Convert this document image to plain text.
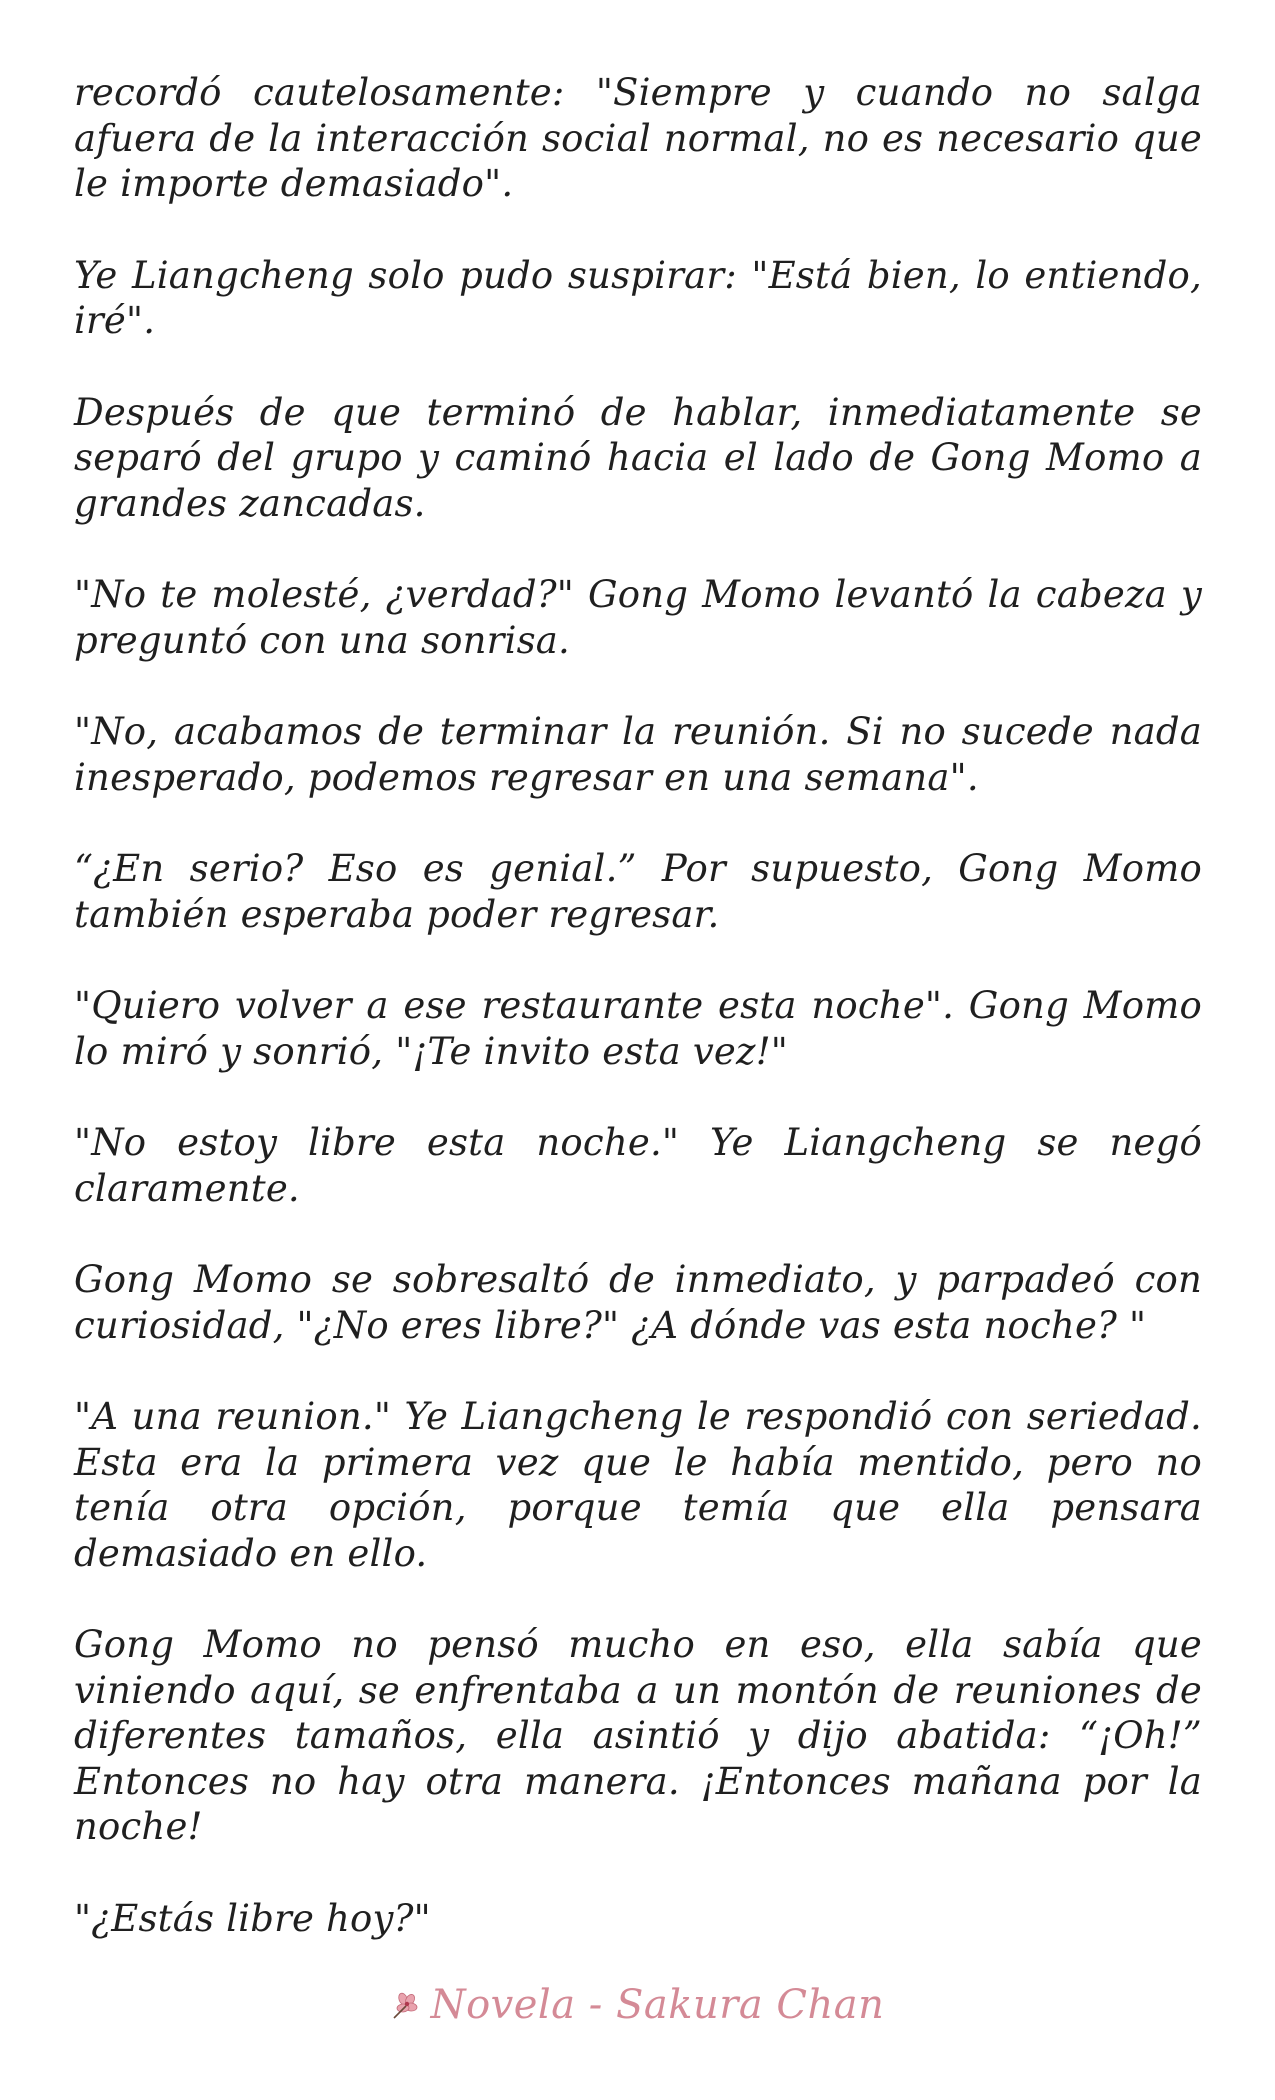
recordó cautelosamente: "Siempre y cuando no salga afuera de la interacción social normal, no es necesario que le importe demasiado".

Ye Liangcheng solo pudo suspirar: "Está bien, lo entiendo, iré".

Después de que terminó de hablar, inmediatamente se separó del grupo y caminó hacia el lado de Gong Momo a grandes zancadas.

"No te molesté, ¿verdad?" Gong Momo levantó la cabeza y preguntó con una sonrisa.

"No, acabamos de terminar la reunión. Si no sucede nada inesperado, podemos regresar en una semana".

“¿En serio? Eso es genial.” Por supuesto, Gong Momo también esperaba poder regresar.

"Quiero volver a ese restaurante esta noche". Gong Momo lo miró y sonrió, "¡Te invito esta vez!"

"No estoy libre esta noche." Ye Liangcheng se negó claramente.

Gong Momo se sobresaltó de inmediato, y parpadeó con curiosidad, "¿No eres libre?" ¿A dónde vas esta noche? "

"A una reunion." Ye Liangcheng le respondió con seriedad. Esta era la primera vez que le había mentido, pero no tenía otra opción, porque temía que ella pensara demasiado en ello.

Gong Momo no pensó mucho en eso, ella sabía que viniendo aquí, se enfrentaba a un montón de reuniones de diferentes tamaños, ella asintió y dijo abatida: “¡Oh!” Entonces no hay otra manera. ¡Entonces mañana por la noche!

"¿Estás libre hoy?"

Novela - Sakura Chan
